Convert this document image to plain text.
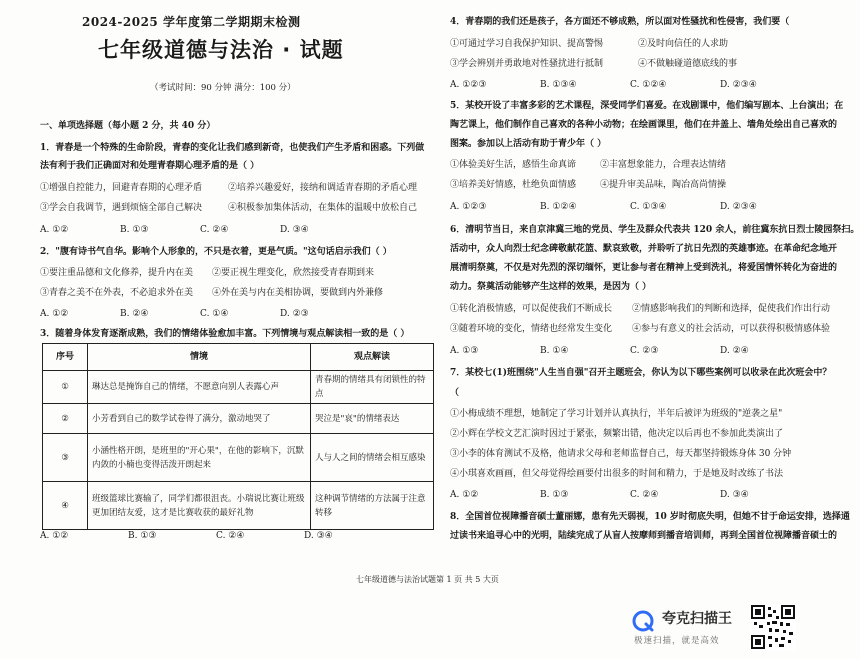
2024-2025 学年度第二学期期末检测
七年级道德与法治 · 试题
（考试时间：90 分钟 满分：100 分）
一、单项选择题（每小题 2 分，共 40 分）
1．青春是一个特殊的生命阶段，青春的变化让我们感到新奇，也使我们产生矛盾和困惑。下列做
法有利于我们正确面对和处理青春期心理矛盾的是（ ）
①增强自控能力，回避青春期的心理矛盾	②培养兴趣爱好，接纳和调适青春期的矛盾心理
③学会自我调节，遇到烦恼全部自己解决	④积极参加集体活动，在集体的温暖中放松自己
A. ①②	B. ①③	C. ②④	D. ③④
2．"腹有诗书气自华。影响个人形象的，不只是衣着，更是气质。"这句话启示我们（ ）
①要注重品德和文化修养，提升内在美 ②要正视生理变化，欣然接受青春期到来
③青春之美不在外表，不必追求外在美 ④外在美与内在美相协调，要做到内外兼修
A. ①②	B. ②④	C. ①④	D. ②③
3．随着身体发育逐渐成熟，我们的情绪体验愈加丰富。下列情境与观点解读相一致的是（ ）
序号	情境	观点解读
①	琳达总是掩饰自己的情绪，不愿意向别人表露心声	青春期的情绪具有闭锁性的特点
②	小芳看到自己的数学试卷得了满分，激动地哭了	哭泣是"哀"的情绪表达
③	小涵性格开朗，是班里的"开心果"，在他的影响下，沉默内敛的小楠也变得活泼开朗起来	人与人之间的情绪会相互感染
④	班级篮球比赛输了，同学们都很沮丧。小瑞说比赛让班级更加团结友爱，这才是比赛收获的最好礼物	这种调节情绪的方法属于注意转移
A. ①②	B. ①③	C. ②④	D. ③④
4．青春期的我们还是孩子，各方面还不够成熟，所以面对性骚扰和性侵害，我们要（
①可通过学习自我保护知识、提高警惕	②及时向信任的人求助
③学会辨别并勇敢地对性骚扰进行抵制	④不做触碰道德底线的事
A. ①②③	B. ①③④	C. ①②④	D. ②③④
5．某校开设了丰富多彩的艺术课程，深受同学们喜爱。在戏剧课中，他们编写剧本、上台演出；在
陶艺课上，他们制作自己喜欢的各种小动物；在绘画课里，他们在井盖上、墙角处绘出自己喜欢的
图案。参加以上活动有助于青少年（ ）
①体验美好生活，感悟生命真谛	②丰富想象能力，合理表达情绪
③培养美好情感，杜绝负面情感	④提升审美品味，陶冶高尚情操
A. ①②③	B. ①②④	C. ①③④	D. ②③④
6．清明节当日，来自京津冀三地的党员、学生及群众代表共 120 余人，前往冀东抗日烈士陵园祭扫。
活动中，众人向烈士纪念碑敬献花篮、默哀致敬，并聆听了抗日先烈的英雄事迹。在革命纪念地开
展清明祭奠，不仅是对先烈的深切缅怀，更让参与者在精神上受到洗礼，将爱国情怀转化为奋进的
动力。祭奠活动能够产生这样的效果，是因为（ ）
①转化消极情感，可以促使我们不断成长 ②情感影响我们的判断和选择，促使我们作出行动
③随着环境的变化，情绪也经常发生变化 ④参与有意义的社会活动，可以获得积极情感体验
A. ①③	B. ①④	C. ②③	D. ②④
7．某校七(1)班围绕"人生当自强"召开主题班会，你认为以下哪些案例可以收录在此次班会中？
（
①小梅成绩不理想，她制定了学习计划并认真执行，半年后被评为班级的"逆袭之星"
②小辉在学校文艺汇演时因过于紧张，频繁出错，他决定以后再也不参加此类演出了
③小李的体育测试不及格，他请求父母和老师监督自己，每天都坚持锻炼身体 30 分钟
④小琪喜欢画画，但父母觉得绘画要付出很多的时间和精力，于是她及时改练了书法
A. ①②	B. ①③	C. ②④	D. ③④
8．全国首位视障播音硕士董丽娜，患有先天弱视，10 岁时彻底失明，但她不甘于命运安排，选择通
过读书来追寻心中的光明，陆续完成了从盲人按摩师到播音培训师，再到全国首位视障播音硕士的
七年级道德与法治试题第 1 页 共 5 大页
夸克扫描王
极速扫描，就是高效
